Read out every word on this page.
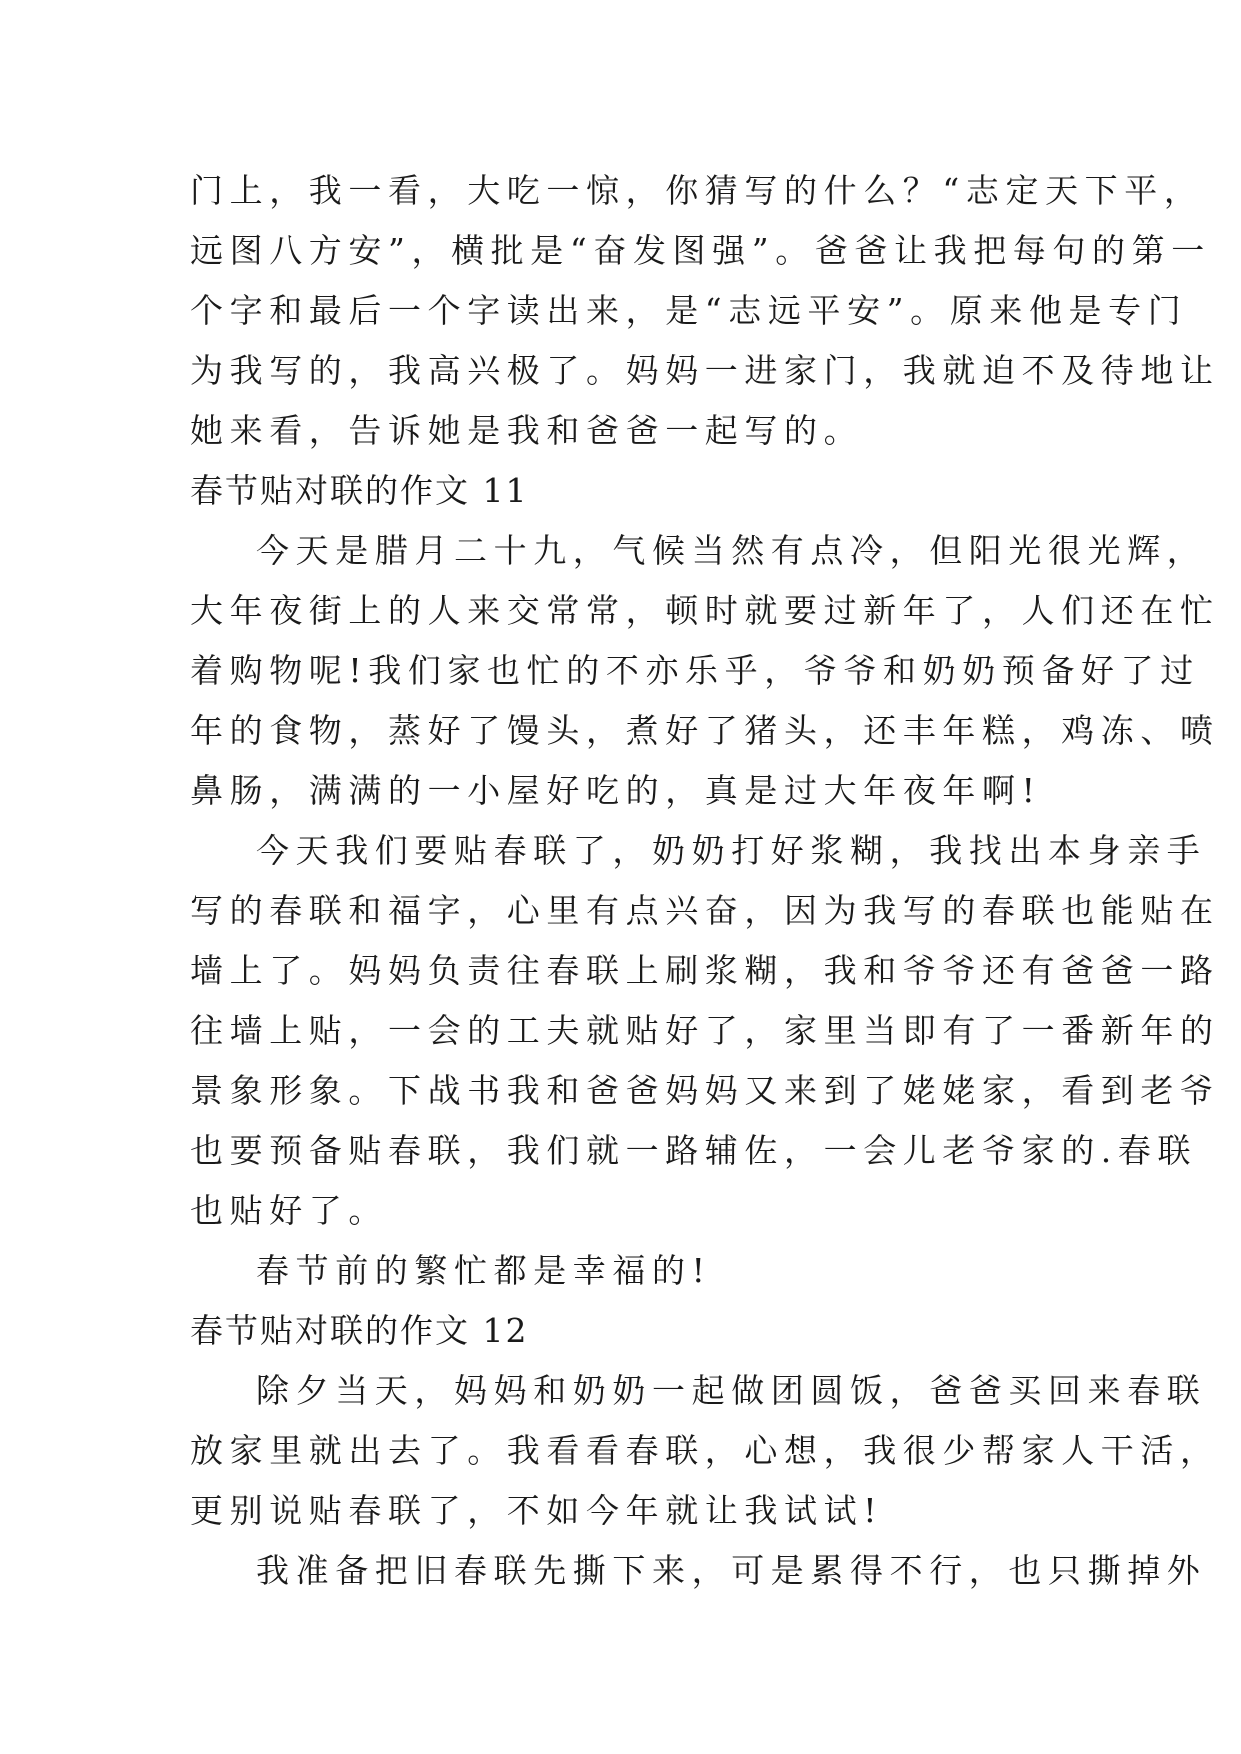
门上，我一看，大吃一惊，你猜写的什么？“志定天下平，
远图八方安”，横批是“奋发图强”。爸爸让我把每句的第一
个字和最后一个字读出来，是“志远平安”。原来他是专门
为我写的，我高兴极了。妈妈一进家门，我就迫不及待地让
她来看，告诉她是我和爸爸一起写的。
春节贴对联的作文 11
今天是腊月二十九，气候当然有点冷，但阳光很光辉，
大年夜街上的人来交常常，顿时就要过新年了，人们还在忙
着购物呢!我们家也忙的不亦乐乎，爷爷和奶奶预备好了过
年的食物，蒸好了馒头，煮好了猪头，还丰年糕，鸡冻、喷
鼻肠，满满的一小屋好吃的，真是过大年夜年啊!
今天我们要贴春联了，奶奶打好浆糊，我找出本身亲手
写的春联和福字，心里有点兴奋，因为我写的春联也能贴在
墙上了。妈妈负责往春联上刷浆糊，我和爷爷还有爸爸一路
往墙上贴，一会的工夫就贴好了，家里当即有了一番新年的
景象形象。下战书我和爸爸妈妈又来到了姥姥家，看到老爷
也要预备贴春联，我们就一路辅佐，一会儿老爷家的.春联
也贴好了。
春节前的繁忙都是幸福的!
春节贴对联的作文 12
除夕当天，妈妈和奶奶一起做团圆饭，爸爸买回来春联
放家里就出去了。我看看春联，心想，我很少帮家人干活，
更别说贴春联了，不如今年就让我试试!
我准备把旧春联先撕下来，可是累得不行，也只撕掉外
